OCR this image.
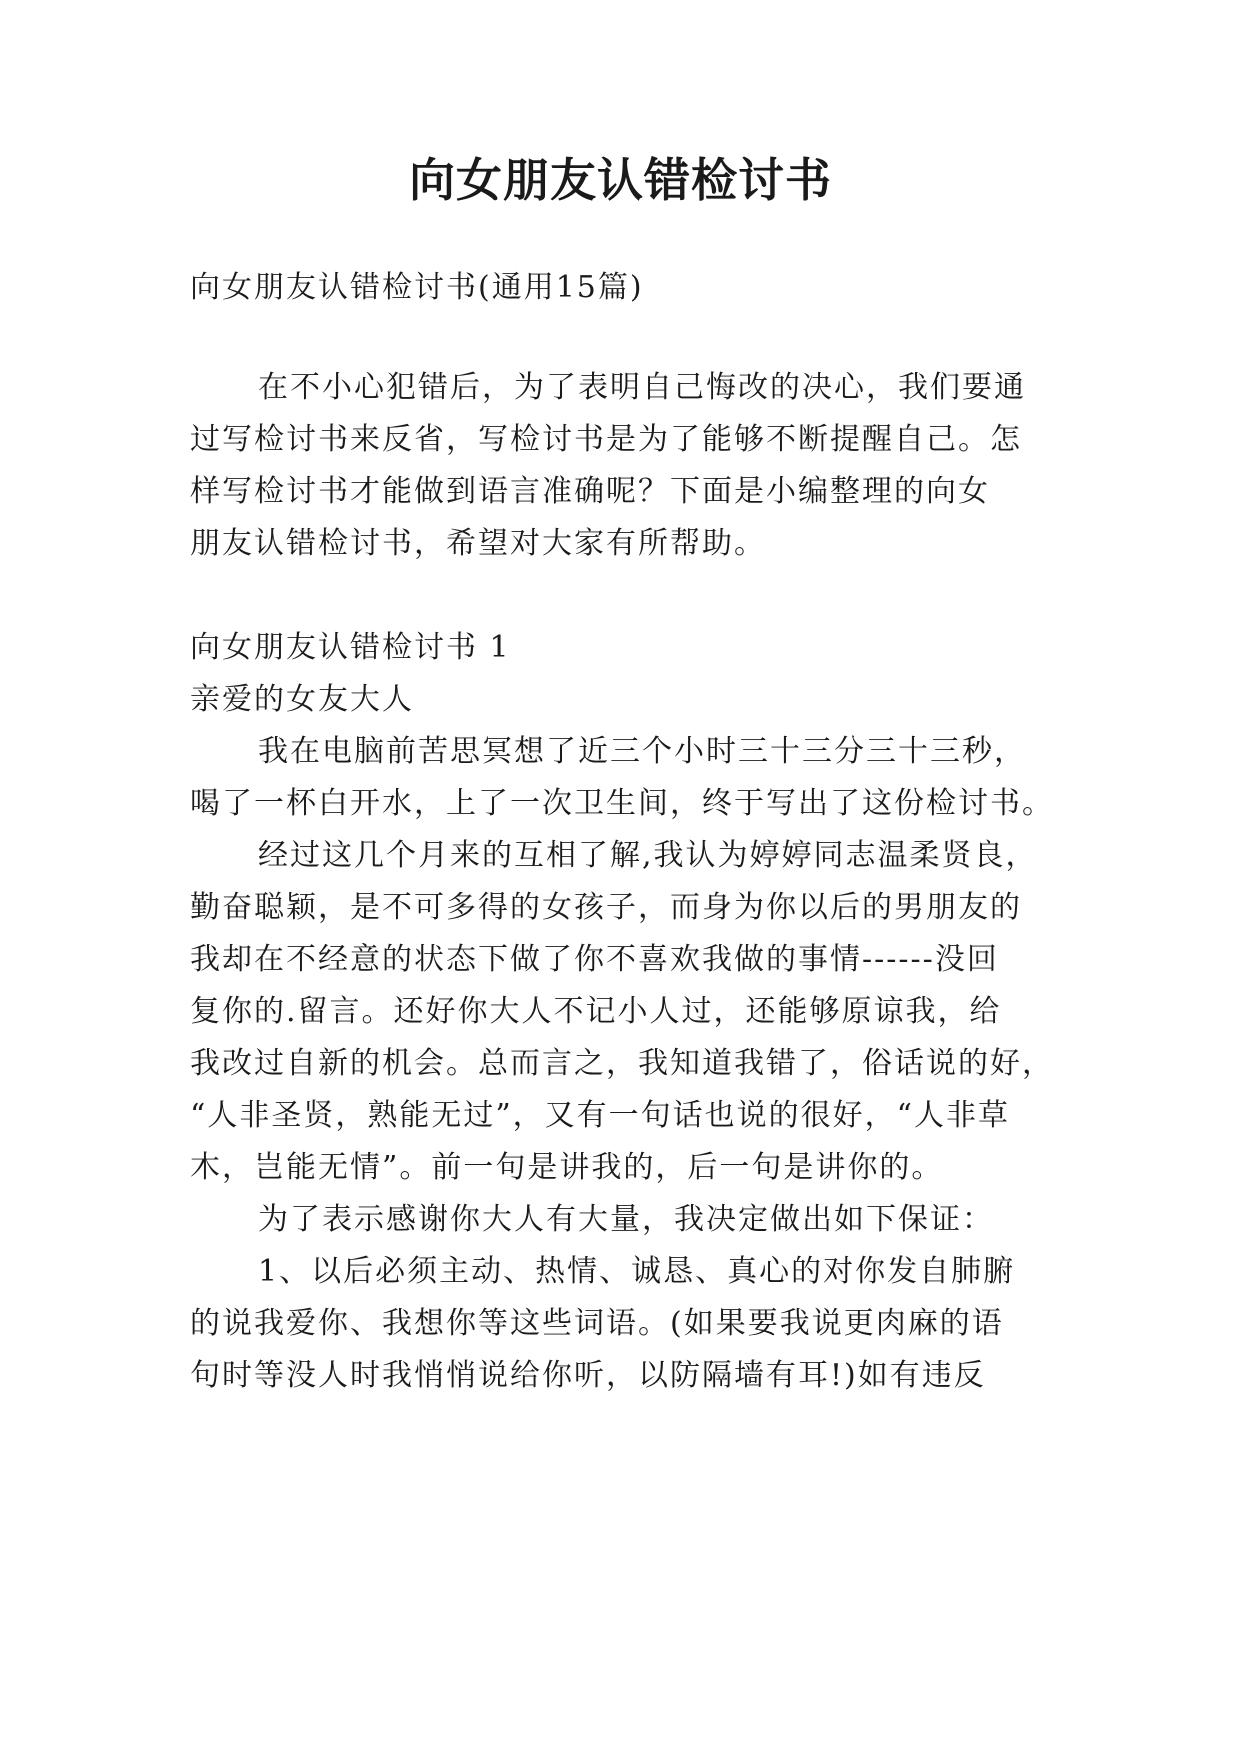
向女朋友认错检讨书
向女朋友认错检讨书(通用15篇)
在不小心犯错后，为了表明自己悔改的决心，我们要通
过写检讨书来反省，写检讨书是为了能够不断提醒自己。怎
样写检讨书才能做到语言准确呢？下面是小编整理的向女
朋友认错检讨书，希望对大家有所帮助。
向女朋友认错检讨书 1
亲爱的女友大人
我在电脑前苦思冥想了近三个小时三十三分三十三秒，
喝了一杯白开水，上了一次卫生间，终于写出了这份检讨书。
经过这几个月来的互相了解,我认为婷婷同志温柔贤良，
勤奋聪颖，是不可多得的女孩子，而身为你以后的男朋友的
我却在不经意的状态下做了你不喜欢我做的事情------没回
复你的.留言。还好你大人不记小人过，还能够原谅我，给
我改过自新的机会。总而言之，我知道我错了，俗话说的好，
“人非圣贤，熟能无过”，又有一句话也说的很好，“人非草
木，岂能无情”。前一句是讲我的，后一句是讲你的。
为了表示感谢你大人有大量，我决定做出如下保证：
1、以后必须主动、热情、诚恳、真心的对你发自肺腑
的说我爱你、我想你等这些词语。(如果要我说更肉麻的语
句时等没人时我悄悄说给你听，以防隔墙有耳!)如有违反
